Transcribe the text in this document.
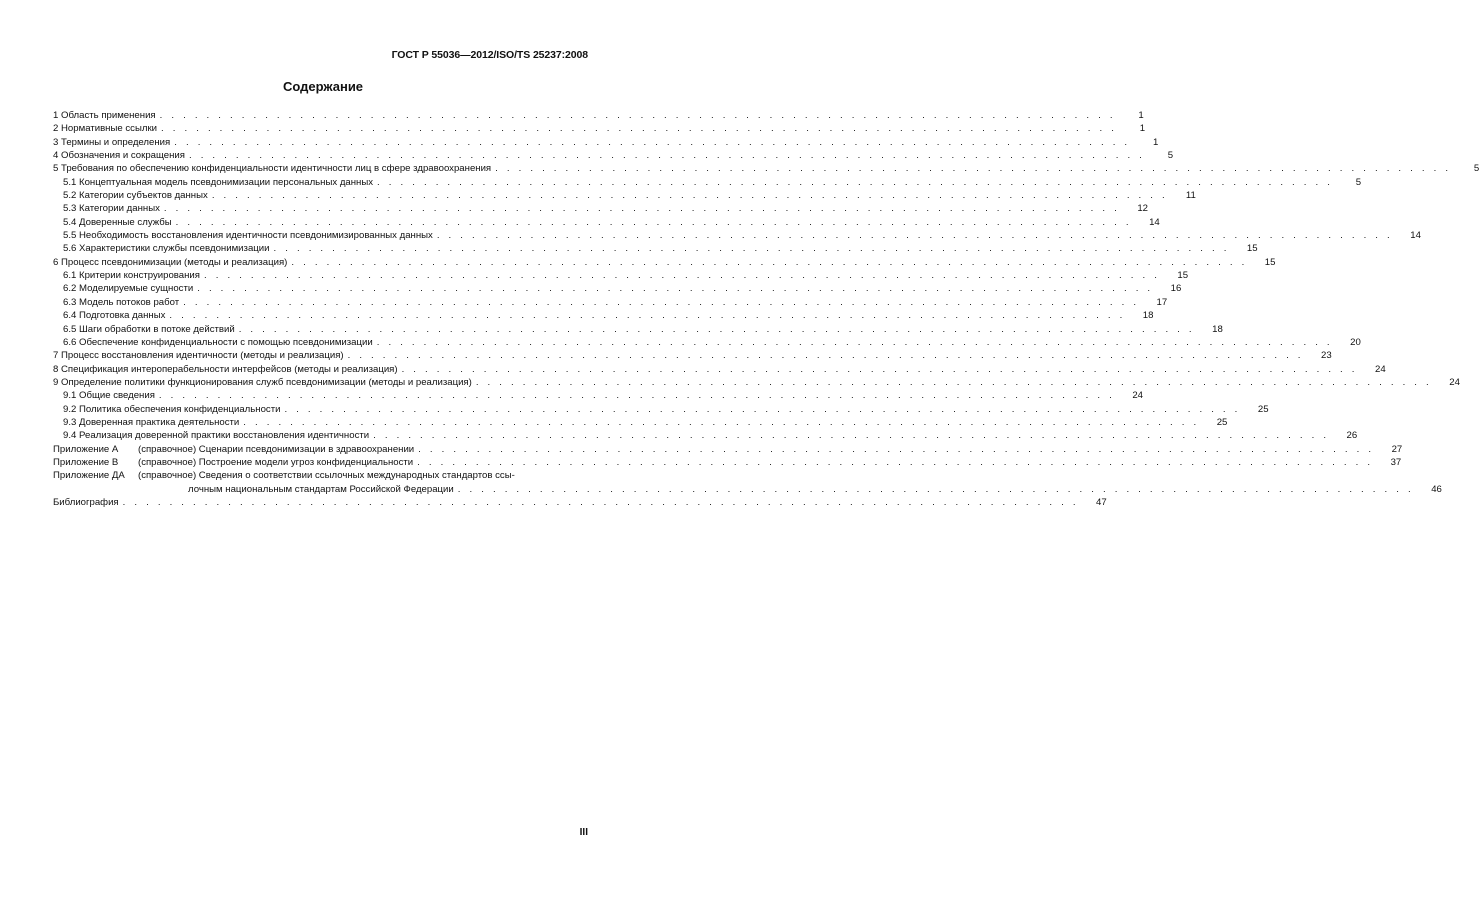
ГОСТ Р 55036—2012/ISO/TS 25237:2008
Содержание
1 Область применения . . .	1
2 Нормативные ссылки . . .	1
3 Термины и определения . . .	1
4 Обозначения и сокращения . . .	5
5 Требования по обеспечению конфиденциальности идентичности лиц в сфере здравоохранения . . .	5
5.1 Концептуальная модель псевдонимизации персональных данных . . .	5
5.2 Категории субъектов данных . . .	11
5.3 Категории данных . . .	12
5.4 Доверенные службы . . .	14
5.5 Необходимость восстановления идентичности псевдонимизированных данных . . .	14
5.6 Характеристики службы псевдонимизации . . .	15
6 Процесс псевдонимизации (методы и реализация) . . .	15
6.1 Критерии конструирования . . .	15
6.2 Моделируемые сущности . . .	16
6.3 Модель потоков работ . . .	17
6.4 Подготовка данных . . .	18
6.5 Шаги обработки в потоке действий . . .	18
6.6 Обеспечение конфиденциальности с помощью псевдонимизации . . .	20
7 Процесс восстановления идентичности (методы и реализация) . . .	23
8 Спецификация интероперабельности интерфейсов (методы и реализация) . . .	24
9 Определение политики функционирования служб псевдонимизации (методы и реализация) . . .	24
9.1 Общие сведения . . .	24
9.2 Политика обеспечения конфиденциальности . . .	25
9.3 Доверенная практика деятельности . . .	25
9.4 Реализация доверенной практики восстановления идентичности . . .	26
Приложение А	(справочное) Сценарии псевдонимизации в здравоохранении . . .	27
Приложение В	(справочное) Построение модели угроз конфиденциальности . . .	37
Приложение ДА	(справочное) Сведения о соответствии ссылочных международных стандартов ссы-
лочным национальным стандартам Российской Федерации . . .	46
Библиография . . .	47
III
